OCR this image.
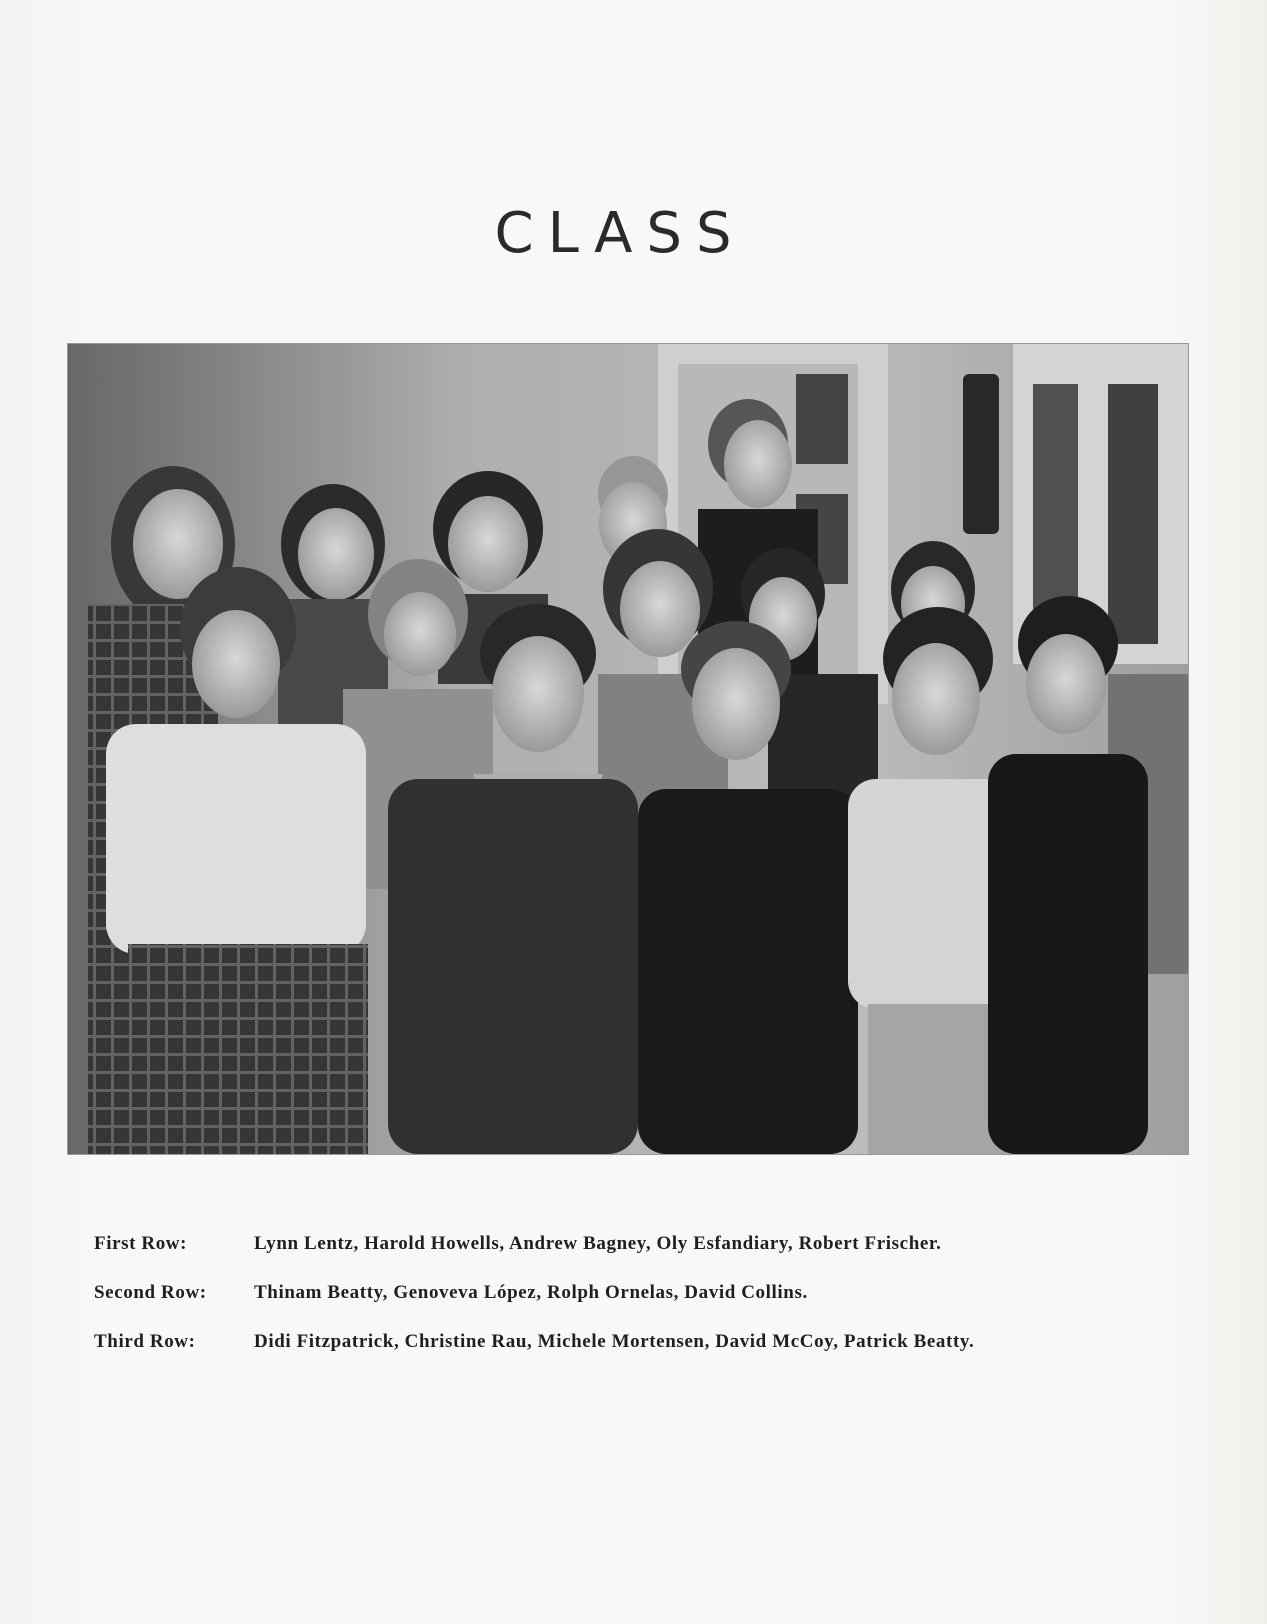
CLASS
First Row:	Lynn Lentz, Harold Howells, Andrew Bagney, Oly Esfandiary, Robert Frischer.
Second Row:	Thinam Beatty, Genoveva López, Rolph Ornelas, David Collins.
Third Row:	Didi Fitzpatrick, Christine Rau, Michele Mortensen, David McCoy, Patrick Beatty.
